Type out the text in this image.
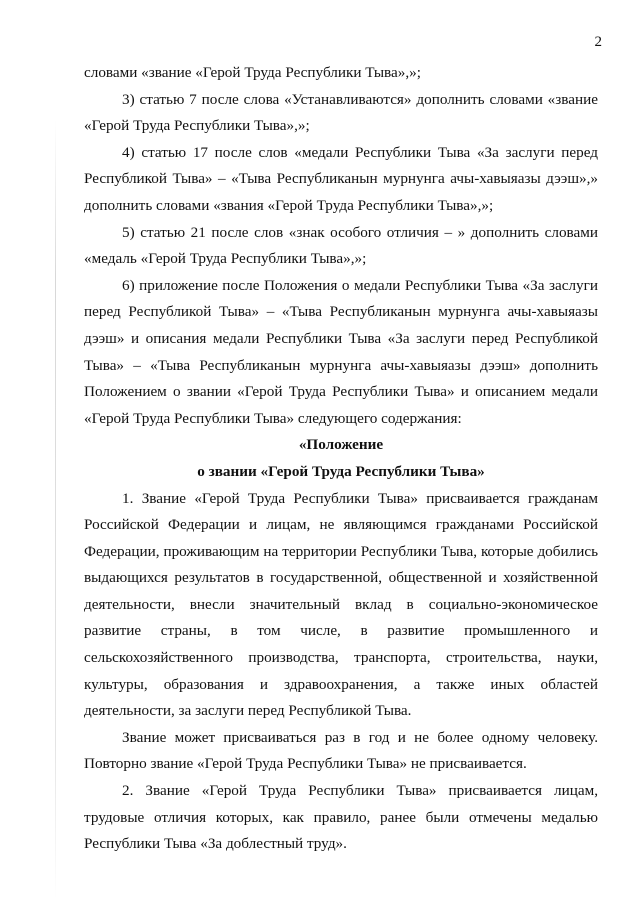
2

словами «звание «Герой Труда Республики Тыва»,»;

3) статью 7 после слова «Устанавливаются» дополнить словами «звание «Герой Труда Республики Тыва»,»;

4) статью 17 после слов «медали Республики Тыва «За заслуги перед Республикой Тыва» – «Тыва Республиканын мурнунга ачы-хавыяазы дээш»,» дополнить словами «звания «Герой Труда Республики Тыва»,»;

5) статью 21 после слов «знак особого отличия – » дополнить словами «медаль «Герой Труда Республики Тыва»,»;

6) приложение после Положения о медали Республики Тыва «За заслуги перед Республикой Тыва» – «Тыва Республиканын мурнунга ачы-хавыяазы дээш» и описания медали Республики Тыва «За заслуги перед Республикой Тыва» – «Тыва Республиканын мурнунга ачы-хавыяазы дээш» дополнить Положением о звании «Герой Труда Республики Тыва» и описанием медали «Герой Труда Республики Тыва» следующего содержания:

«Положение

о звании «Герой Труда Республики Тыва»

1. Звание «Герой Труда Республики Тыва» присваивается гражданам Российской Федерации и лицам, не являющимся гражданами Российской Федерации, проживающим на территории Республики Тыва, которые добились выдающихся результатов в государственной, общественной и хозяйственной деятельности, внесли значительный вклад в социально-экономическое развитие страны, в том числе, в развитие промышленного и сельскохозяйственного производства, транспорта, строительства, науки, культуры, образования и здравоохранения, а также иных областей деятельности, за заслуги перед Республикой Тыва.

Звание может присваиваться раз в год и не более одному человеку. Повторно звание «Герой Труда Республики Тыва» не присваивается.

2. Звание «Герой Труда Республики Тыва» присваивается лицам, трудовые отличия которых, как правило, ранее были отмечены медалью Республики Тыва «За доблестный труд».
